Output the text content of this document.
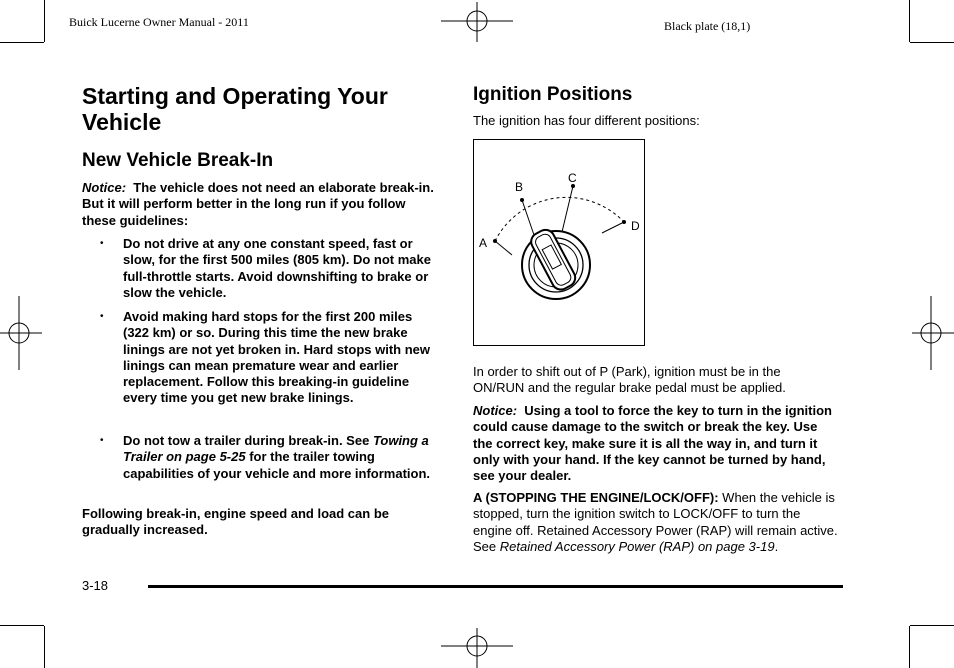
Buick Lucerne Owner Manual - 2011	Black plate (18,1)
Starting and Operating Your Vehicle
New Vehicle Break-In
Notice: The vehicle does not need an elaborate break-in. But it will perform better in the long run if you follow these guidelines:
• Do not drive at any one constant speed, fast or slow, for the first 500 miles (805 km). Do not make full-throttle starts. Avoid downshifting to brake or slow the vehicle.
• Avoid making hard stops for the first 200 miles (322 km) or so. During this time the new brake linings are not yet broken in. Hard stops with new linings can mean premature wear and earlier replacement. Follow this breaking-in guideline every time you get new brake linings.
• Do not tow a trailer during break-in. See Towing a Trailer on page 5-25 for the trailer towing capabilities of your vehicle and more information.
Following break-in, engine speed and load can be gradually increased.
Ignition Positions
The ignition has four different positions:
A
B
C
D
In order to shift out of P (Park), ignition must be in the ON/RUN and the regular brake pedal must be applied.
Notice: Using a tool to force the key to turn in the ignition could cause damage to the switch or break the key. Use the correct key, make sure it is all the way in, and turn it only with your hand. If the key cannot be turned by hand, see your dealer.
A (STOPPING THE ENGINE/LOCK/OFF): When the vehicle is stopped, turn the ignition switch to LOCK/OFF to turn the engine off. Retained Accessory Power (RAP) will remain active. See Retained Accessory Power (RAP) on page 3-19.
3-18
